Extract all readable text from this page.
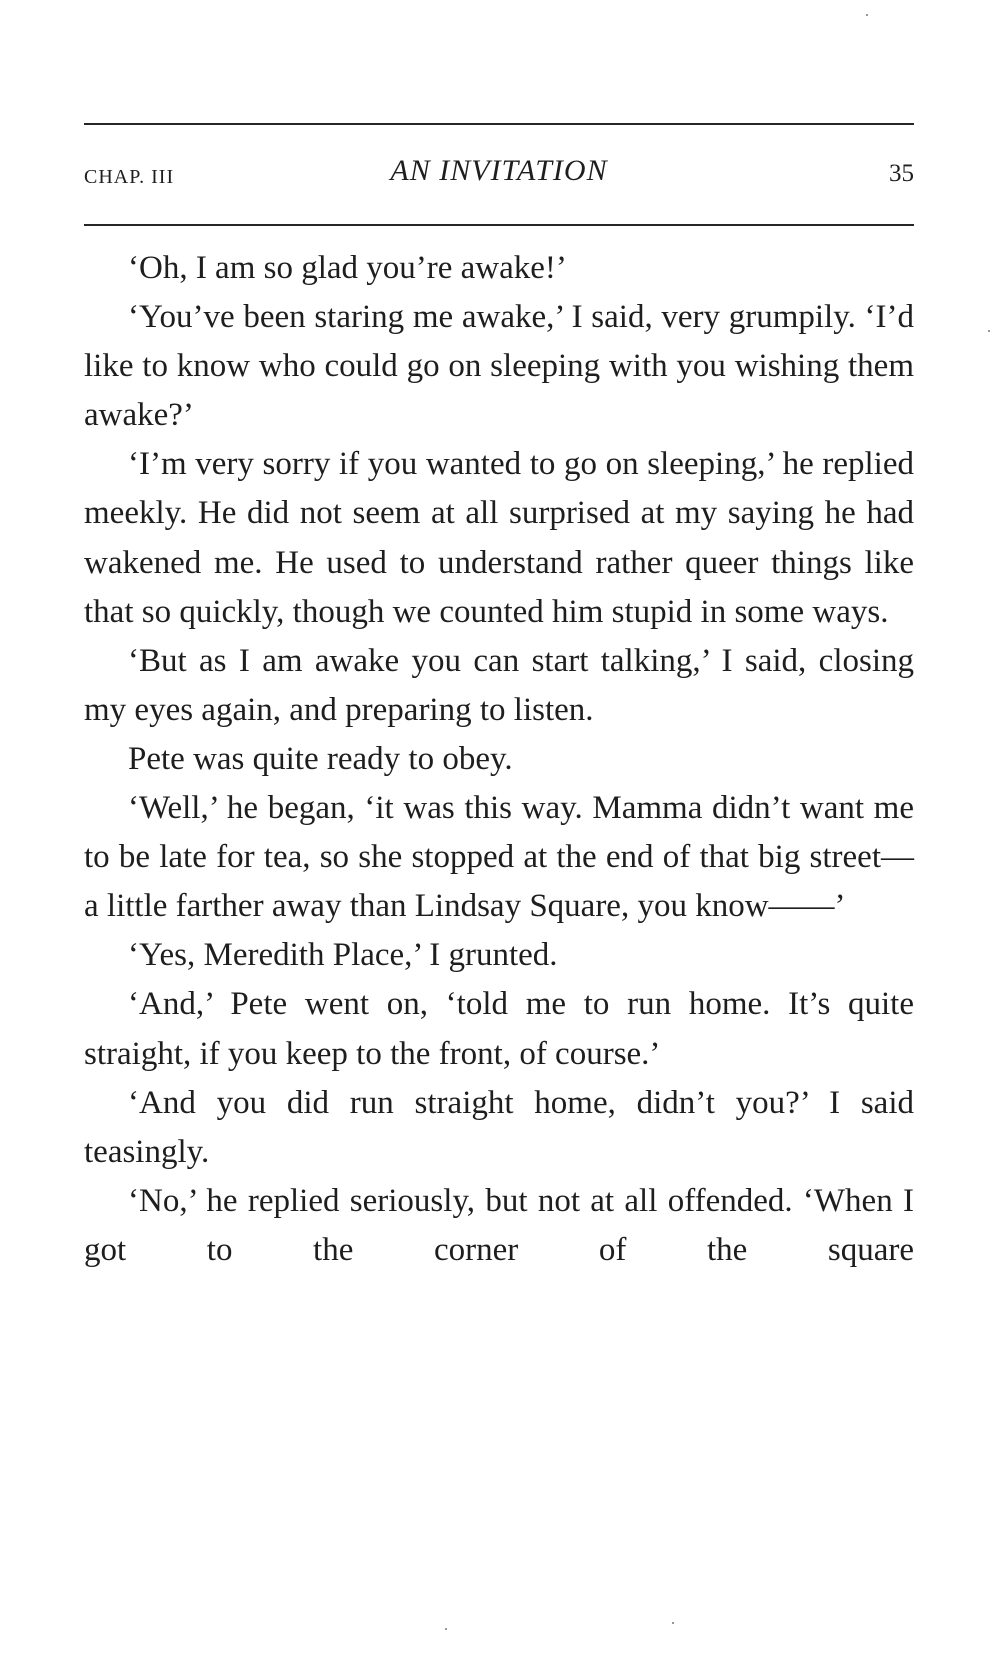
CHAP. III	AN INVITATION	35

‘Oh, I am so glad you’re awake!’

‘You’ve been staring me awake,’ I said, very grumpily. ‘I’d like to know who could go on sleeping with you wishing them awake?’

‘I’m very sorry if you wanted to go on sleeping,’ he replied meekly. He did not seem at all surprised at my saying he had wakened me. He used to understand rather queer things like that so quickly, though we counted him stupid in some ways.

‘But as I am awake you can start talking,’ I said, closing my eyes again, and preparing to listen.

Pete was quite ready to obey.

‘Well,’ he began, ‘it was this way. Mamma didn’t want me to be late for tea, so she stopped at the end of that big street—a little farther away than Lindsay Square, you know——’

‘Yes, Meredith Place,’ I grunted.

‘And,’ Pete went on, ‘told me to run home. It’s quite straight, if you keep to the front, of course.’

‘And you did run straight home, didn’t you?’ I said teasingly.

‘No,’ he replied seriously, but not at all offended. ‘When I got to the corner of the square
